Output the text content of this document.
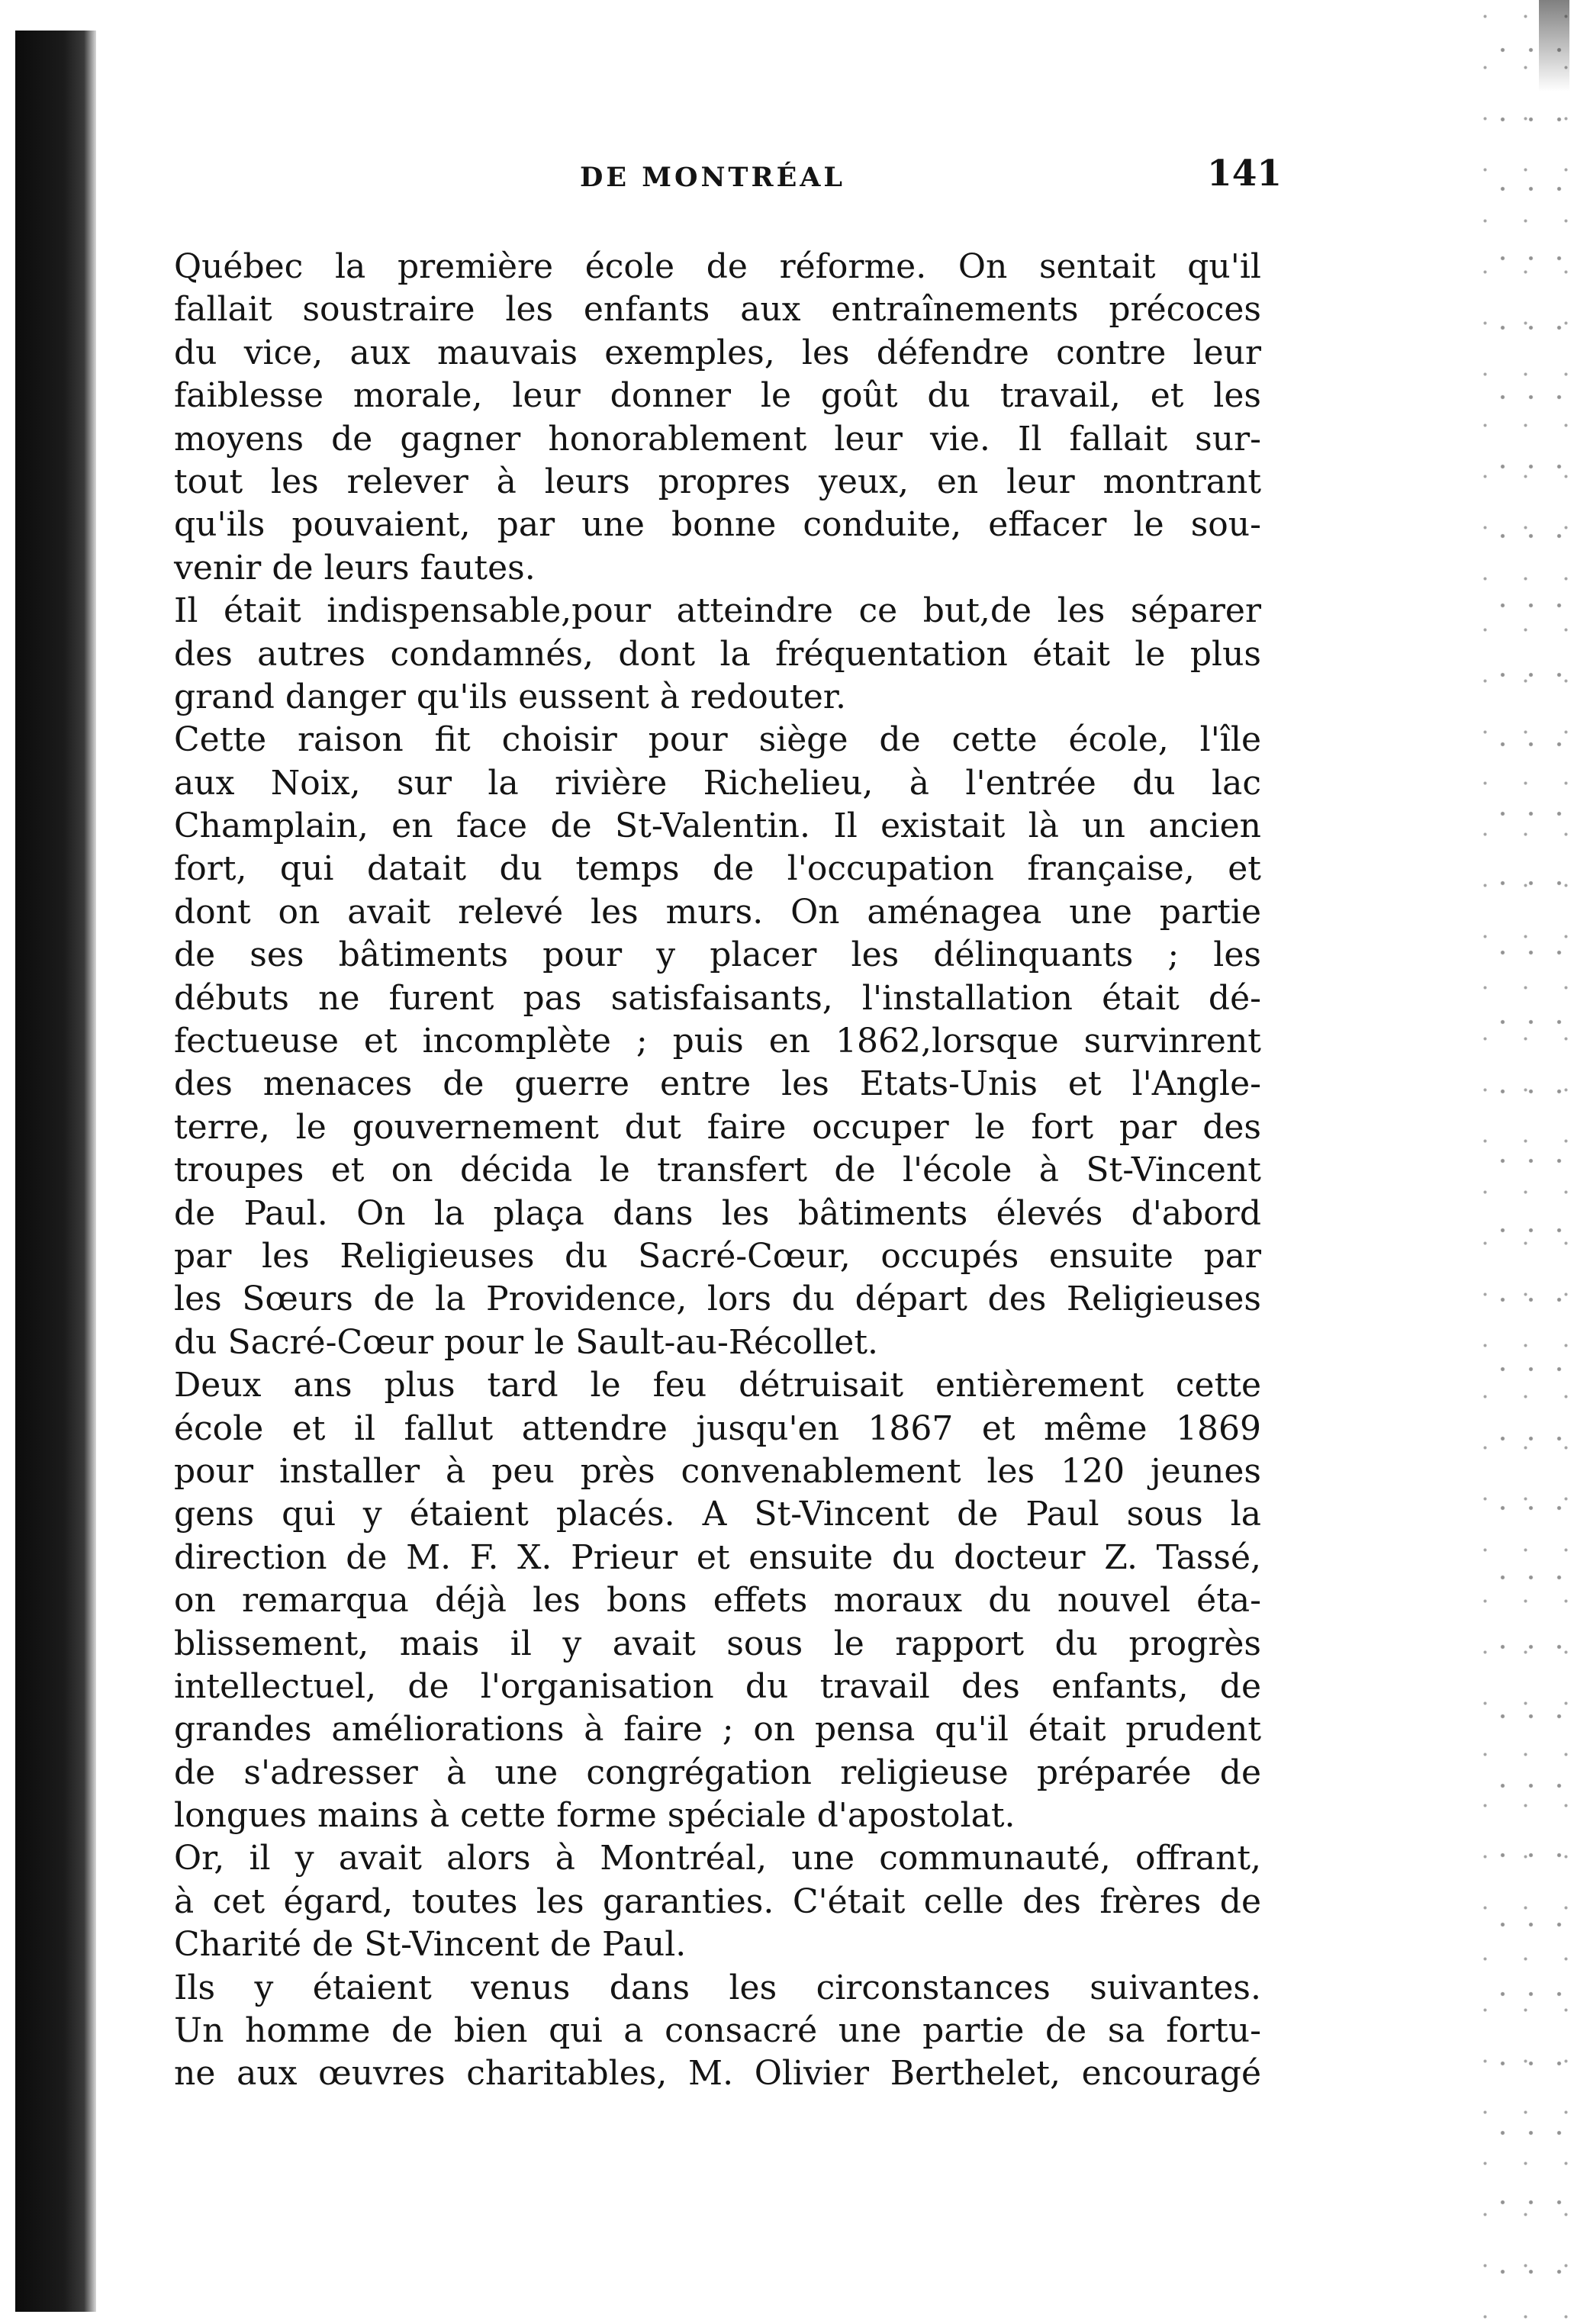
DE MONTRÉAL	141
Québec la première école de réforme. On sentait qu'il
fallait soustraire les enfants aux entraînements précoces
du vice, aux mauvais exemples, les défendre contre leur
faiblesse morale, leur donner le goût du travail, et les
moyens de gagner honorablement leur vie. Il fallait sur-
tout les relever à leurs propres yeux, en leur montrant
qu'ils pouvaient, par une bonne conduite, effacer le sou-
venir de leurs fautes.
Il était indispensable,pour atteindre ce but,de les séparer
des autres condamnés, dont la fréquentation était le plus
grand danger qu'ils eussent à redouter.
Cette raison fit choisir pour siège de cette école, l'île
aux Noix, sur la rivière Richelieu, à l'entrée du lac
Champlain, en face de St-Valentin. Il existait là un ancien
fort, qui datait du temps de l'occupation française, et
dont on avait relevé les murs. On aménagea une partie
de ses bâtiments pour y placer les délinquants ; les
débuts ne furent pas satisfaisants, l'installation était dé-
fectueuse et incomplète ; puis en 1862,lorsque survinrent
des menaces de guerre entre les Etats-Unis et l'Angle-
terre, le gouvernement dut faire occuper le fort par des
troupes et on décida le transfert de l'école à St-Vincent
de Paul. On la plaça dans les bâtiments élevés d'abord
par les Religieuses du Sacré-Cœur, occupés ensuite par
les Sœurs de la Providence, lors du départ des Religieuses
du Sacré-Cœur pour le Sault-au-Récollet.
Deux ans plus tard le feu détruisait entièrement cette
école et il fallut attendre jusqu'en 1867 et même 1869
pour installer à peu près convenablement les 120 jeunes
gens qui y étaient placés. A St-Vincent de Paul sous la
direction de M. F. X. Prieur et ensuite du docteur Z. Tassé,
on remarqua déjà les bons effets moraux du nouvel éta-
blissement, mais il y avait sous le rapport du progrès
intellectuel, de l'organisation du travail des enfants, de
grandes améliorations à faire ; on pensa qu'il était prudent
de s'adresser à une congrégation religieuse préparée de
longues mains à cette forme spéciale d'apostolat.
Or, il y avait alors à Montréal, une communauté, offrant,
à cet égard, toutes les garanties. C'était celle des frères de
Charité de St-Vincent de Paul.
Ils y étaient venus dans les circonstances suivantes.
Un homme de bien qui a consacré une partie de sa fortu-
ne aux œuvres charitables, M. Olivier Berthelet, encouragé
